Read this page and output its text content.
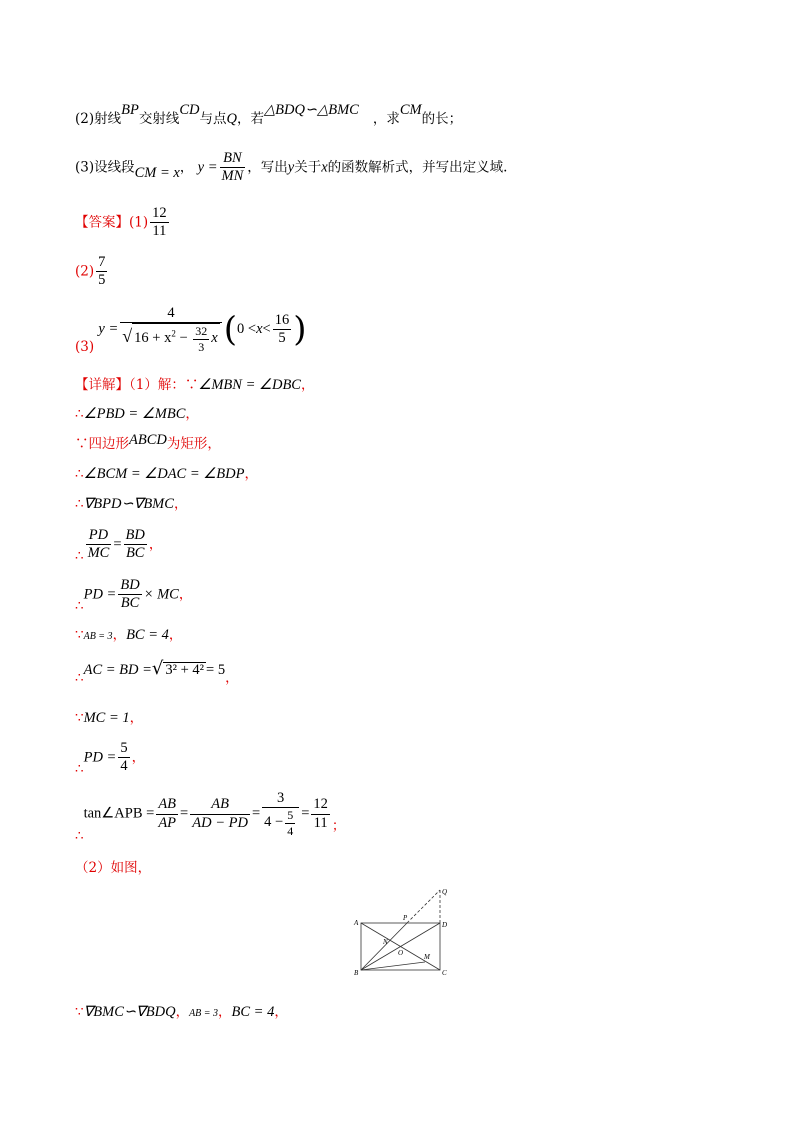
(2)射线BP交射线CD与点Q，若△BDQ∽△BMC，求CM的长；
(3)设线段CM = x， $y = \frac{BN}{MN}$ ，写出y关于x的函数解析式，并写出定义域.
【答案】$(1) \frac{12}{11}$
$(2) \frac{7}{5}$
(3) $y = \frac{4}{√ 16 + x^2 - \frac{32}{3} x} (0 <x< \frac{16}{5}$ )
【详解】（1）解：∵∠MBN = ∠DBC，
∴∠PBD = ∠MBC，
∵四边形ABCD为矩形，
∴∠BCM = ∠DAC = ∠BDP，
∴∇BPD∽∇BMC，
∴ $\frac{PD}{MC} = \frac{BD}{BC}$ ，
∴PD = $\frac{BD}{BC}$ × MC，
∵AB = 3，BC = 4，
∴AC = BD =√ 3² + 4² = 5，
∵MC = 1，
∴PD = $\frac{5}{4}$ ，
∴tan∠APB = $\frac{AB}{AP} = \frac{AB}{AD - PD} = \frac{3}{4 - \frac{5}{4}} = \frac{12}{11}$ ；
（2）如图，
A
B	C
D
P
Q
N
O	M
∵∇BMC∽∇BDQ，AB = 3，BC = 4，
